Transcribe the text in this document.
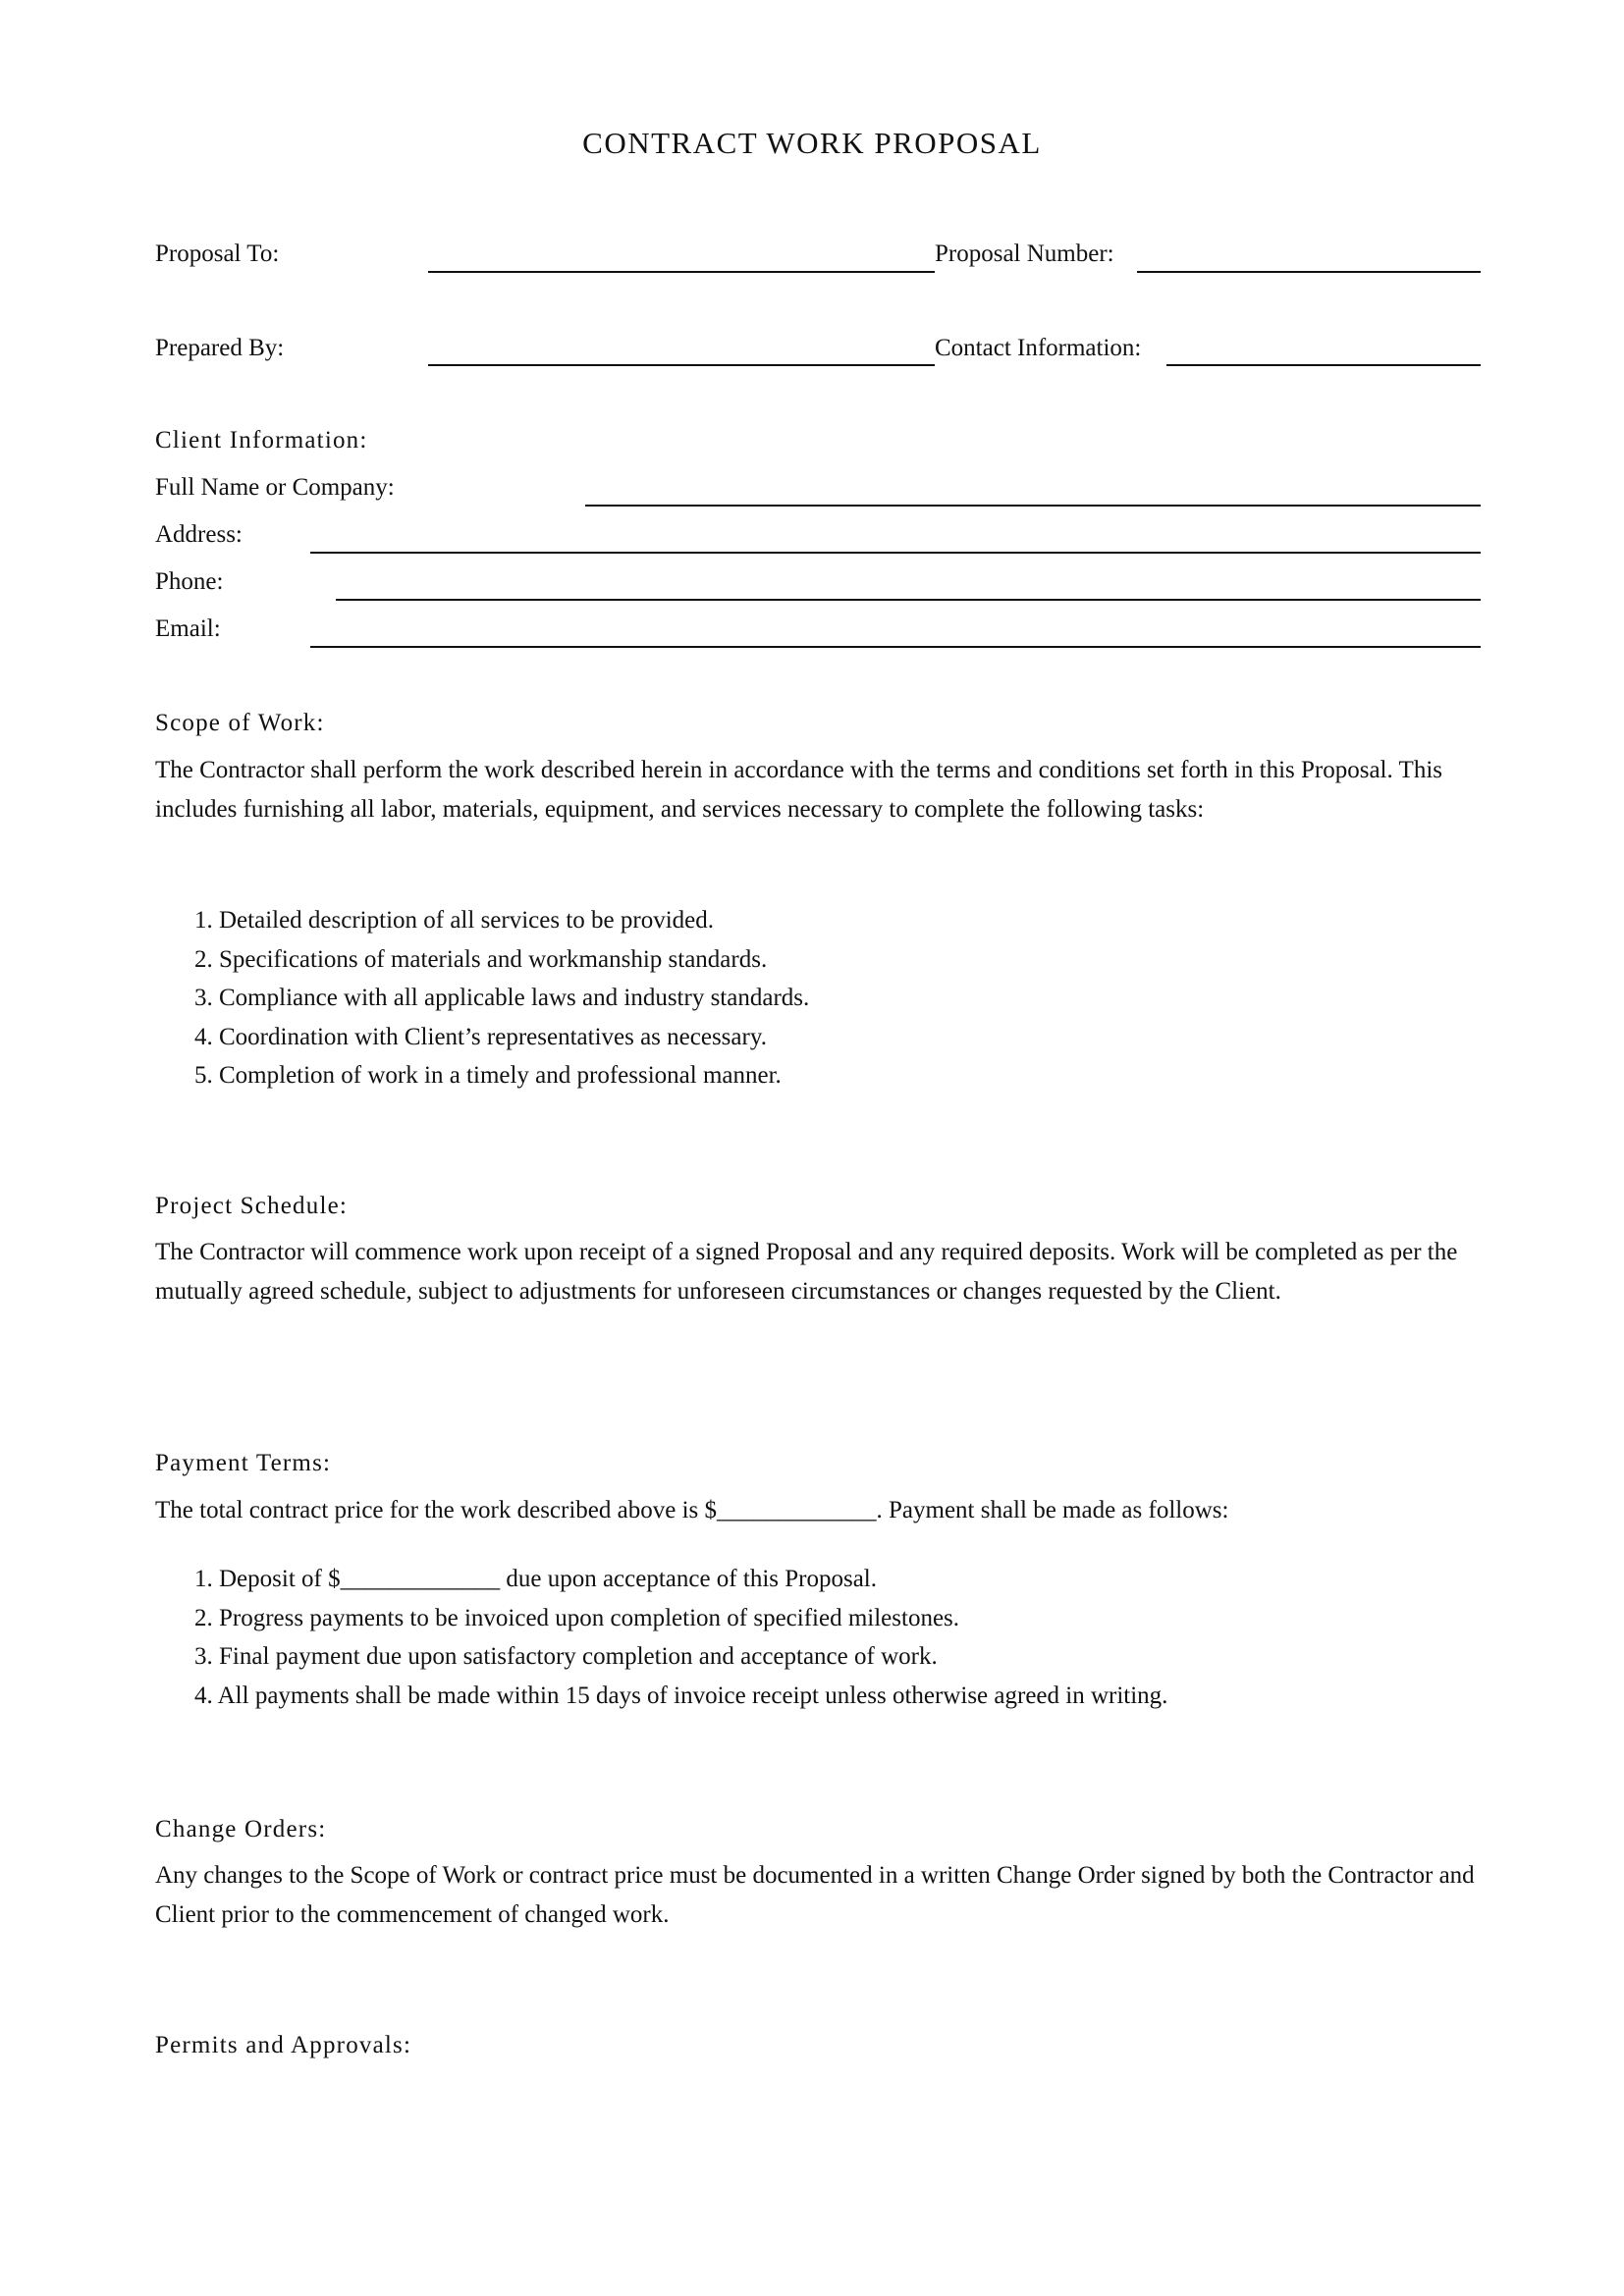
CONTRACT WORK PROPOSAL
Proposal To:	Proposal Number:
Prepared By:	Contact Information:
Client Information:
Full Name or Company:
Address:
Phone:
Email:
Scope of Work:
The Contractor shall perform the work described herein in accordance with the terms and conditions set forth in this Proposal. This includes furnishing all labor, materials, equipment, and services necessary to complete the following tasks:
1. Detailed description of all services to be provided.
2. Specifications of materials and workmanship standards.
3. Compliance with all applicable laws and industry standards.
4. Coordination with Client’s representatives as necessary.
5. Completion of work in a timely and professional manner.
Project Schedule:
The Contractor will commence work upon receipt of a signed Proposal and any required deposits. Work will be completed as per the mutually agreed schedule, subject to adjustments for unforeseen circumstances or changes requested by the Client.
Payment Terms:
The total contract price for the work described above is $_____________. Payment shall be made as follows:
1. Deposit of $_____________ due upon acceptance of this Proposal.
2. Progress payments to be invoiced upon completion of specified milestones.
3. Final payment due upon satisfactory completion and acceptance of work.
4. All payments shall be made within 15 days of invoice receipt unless otherwise agreed in writing.
Change Orders:
Any changes to the Scope of Work or contract price must be documented in a written Change Order signed by both the Contractor and Client prior to the commencement of changed work.
Permits and Approvals:
